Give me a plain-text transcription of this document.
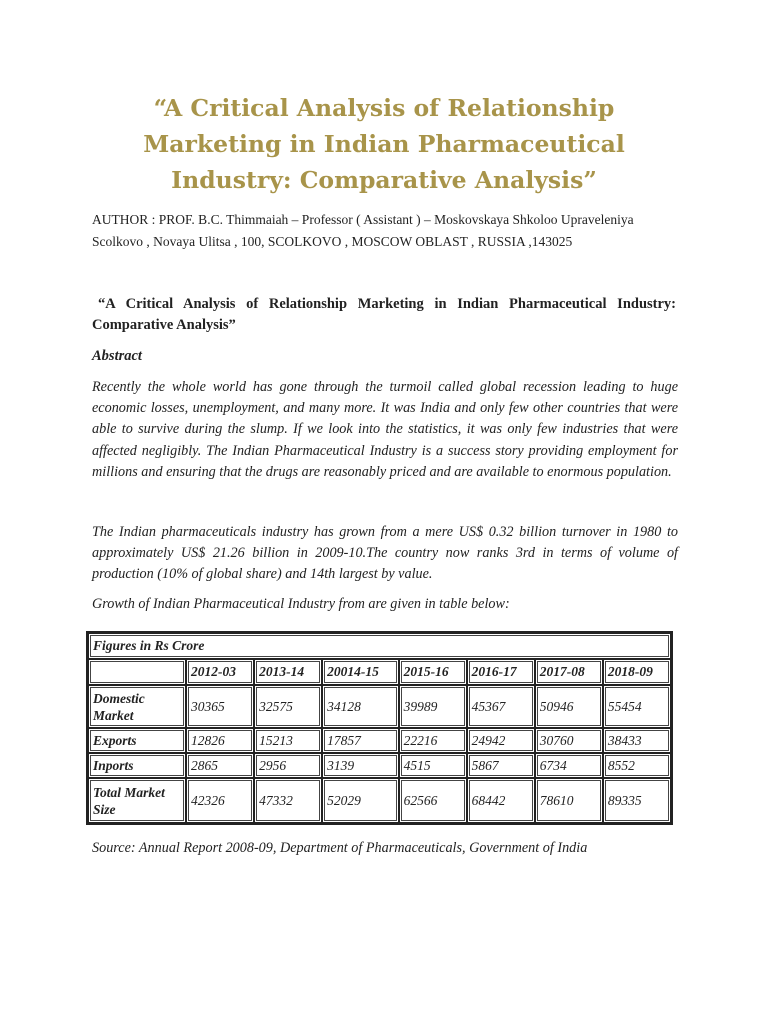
“A Critical Analysis of Relationship
Marketing in Indian Pharmaceutical
Industry: Comparative Analysis”
AUTHOR : PROF. B.C. Thimmaiah – Professor ( Assistant ) – Moskovskaya Shkoloo Upraveleniya
Scolkovo , Novaya Ulitsa , 100, SCOLKOVO , MOSCOW OBLAST , RUSSIA ,143025
“A Critical Analysis of Relationship Marketing in Indian Pharmaceutical Industry: Comparative Analysis”
Abstract
Recently the whole world has gone through the turmoil called global recession leading to huge economic losses, unemployment, and many more. It was India and only few other countries that were able to survive during the slump. If we look into the statistics, it was only few industries that were affected negligibly. The Indian Pharmaceutical Industry is a success story providing employment for millions and ensuring that the drugs are reasonably priced and are available to enormous population.
The Indian pharmaceuticals industry has grown from a mere US$ 0.32 billion turnover in 1980 to approximately US$ 21.26 billion in 2009-10.The country now ranks 3rd in terms of volume of production (10% of global share) and 14th largest by value.
Growth of Indian Pharmaceutical Industry from are given in table below:
Figures in Rs Crore							
	2012-03	2013-14	20014-15	2015-16	2016-17	2017-08	2018-09
Domestic Market	30365	32575	34128	39989	45367	50946	55454
Exports	12826	15213	17857	22216	24942	30760	38433
Inports	2865	2956	3139	4515	5867	6734	8552
Total Market Size	42326	47332	52029	62566	68442	78610	89335
Source: Annual Report 2008-09, Department of Pharmaceuticals, Government of India
